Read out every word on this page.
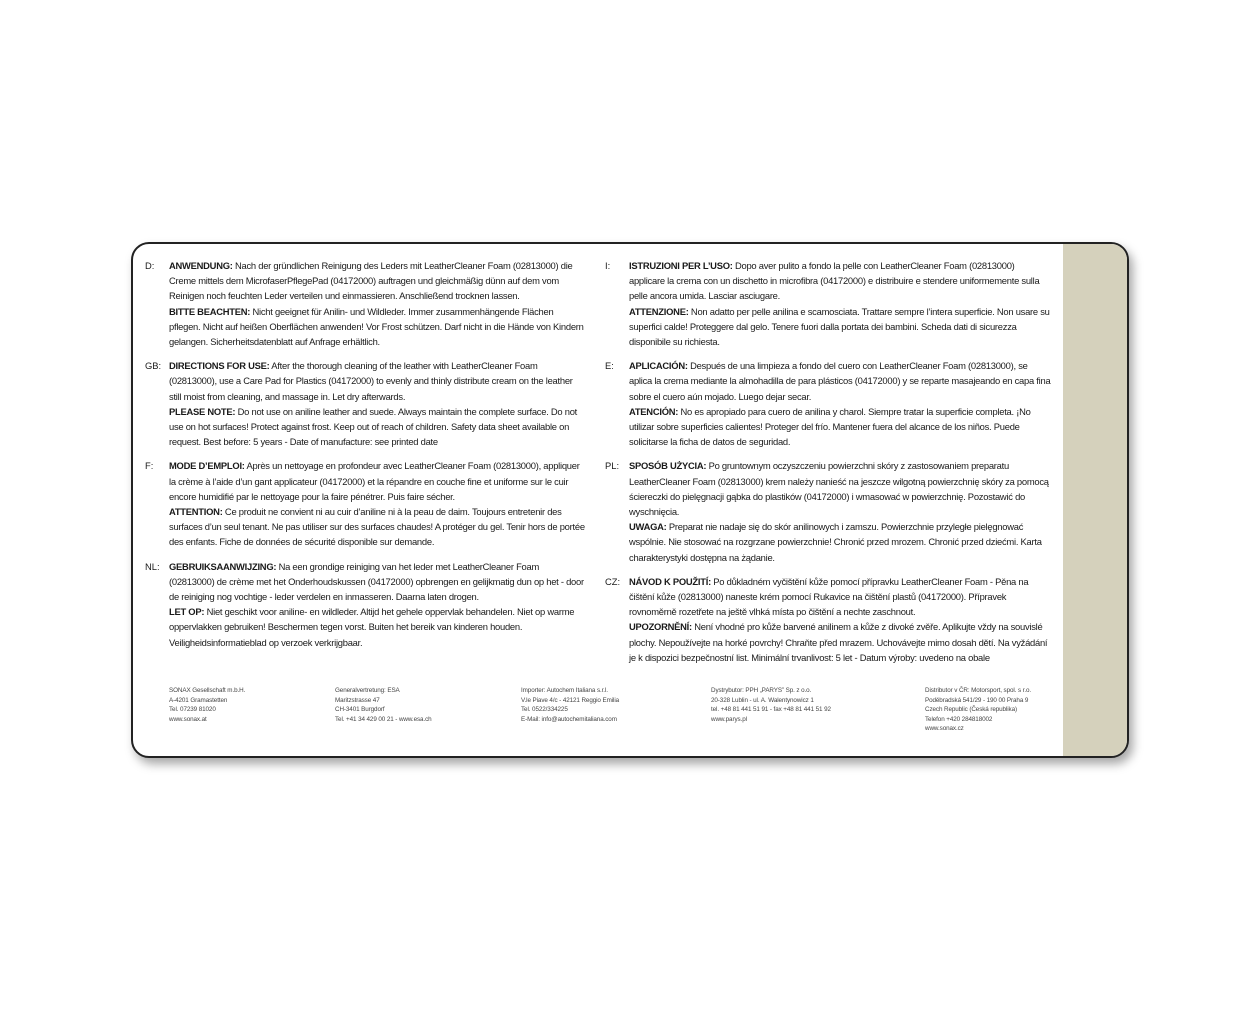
D:	ANWENDUNG: Nach der gründlichen Reinigung des Leders mit LeatherCleaner Foam (02813000) die Creme mittels dem MicrofaserPflegePad (04172000) auftragen und gleichmäßig dünn auf dem vom Reinigen noch feuchten Leder verteilen und einmassieren. Anschließend trocknen lassen.

BITTE BEACHTEN: Nicht geeignet für Anilin- und Wildleder. Immer zusammenhängende Flächen pflegen. Nicht auf heißen Oberflächen anwenden! Vor Frost schützen. Darf nicht in die Hände von Kindern gelangen. Sicherheitsdatenblatt auf Anfrage erhältlich.

GB: DIRECTIONS FOR USE: After the thorough cleaning of the leather with LeatherCleaner Foam (02813000), use a Care Pad for Plastics (04172000) to evenly and thinly distribute cream on the leather still moist from cleaning, and massage in. Let dry afterwards.

PLEASE NOTE: Do not use on aniline leather and suede. Always maintain the complete surface. Do not use on hot surfaces! Protect against frost. Keep out of reach of children. Safety data sheet available on request. Best before: 5 years - Date of manufacture: see printed date

F:	MODE D’EMPLOI: Après un nettoyage en profondeur avec LeatherCleaner Foam (02813000), appliquer la crème à l’aide d’un gant applicateur (04172000) et la répandre en couche fine et uniforme sur le cuir encore humidifié par le nettoyage pour la faire pénétrer. Puis faire sécher.

ATTENTION: Ce produit ne convient ni au cuir d’aniline ni à la peau de daim. Toujours entretenir des surfaces d’un seul tenant. Ne pas utiliser sur des surfaces chaudes! A protéger du gel. Tenir hors de portée des enfants. Fiche de données de sécurité disponible sur demande.

NL:	GEBRUIKSAANWIJZING: Na een grondige reiniging van het leder met LeatherCleaner Foam (02813000) de crème met het Onderhoudskussen (04172000) opbrengen en gelijkmatig dun op het - door de reiniging nog vochtige - leder verdelen en inmasseren. Daarna laten drogen.

LET OP: Niet geschikt voor aniline- en wildleder. Altijd het gehele oppervlak behandelen. Niet op warme oppervlakken gebruiken! Beschermen tegen vorst. Buiten het bereik van kinderen houden. Veiligheidsinformatieblad op verzoek verkrijgbaar.

I:	ISTRUZIONI PER L’USO: Dopo aver pulito a fondo la pelle con LeatherCleaner Foam (02813000) applicare la crema con un dischetto in microfibra (04172000) e distribuire e stendere uniformemente sulla pelle ancora umida. Lasciar asciugare.

ATTENZIONE: Non adatto per pelle anilina e scamosciata. Trattare sempre l’intera superficie. Non usare su superfici calde! Proteggere dal gelo. Tenere fuori dalla portata dei bambini. Scheda dati di sicurezza disponibile su richiesta.

E:	APLICACIÓN: Después de una limpieza a fondo del cuero con LeatherCleaner Foam (02813000), se aplica la crema mediante la almohadilla de para plásticos (04172000) y se reparte masajeando en capa fina sobre el cuero aún mojado. Luego dejar secar.

ATENCIÓN: No es apropiado para cuero de anilina y charol. Siempre tratar la superficie completa. ¡No utilizar sobre superficies calientes! Proteger del frío. Mantener fuera del alcance de los niños. Puede solicitarse la ficha de datos de seguridad.

PL:	SPOSÓB UŻYCIA: Po gruntownym oczyszczeniu powierzchni skóry z zastosowaniem preparatu LeatherCleaner Foam (02813000) krem należy nanieść na jeszcze wilgotną powierzchnię skóry za pomocą ściereczki do pielęgnacji gąbka do plastików (04172000) i wmasować w powierzchnię. Pozostawić do wyschnięcia.

UWAGA: Preparat nie nadaje się do skór anilinowych i zamszu. Powierzchnie przyległe pielęgnować wspólnie. Nie stosować na rozgrzane powierzchnie! Chronić przed mrozem. Chronić przed dziećmi. Karta charakterystyki dostępna na żądanie.

CZ: NÁVOD K POUŽITÍ: Po důkladném vyčištění kůže pomocí přípravku LeatherCleaner Foam - Pěna na čištění kůže (02813000) naneste krém pomocí Rukavice na čištění plastů (04172000). Přípravek rovnoměrně rozetřete na ještě vlhká místa po čištění a nechte zaschnout.

UPOZORNĚNÍ: Není vhodné pro kůže barvené anilinem a kůže z divoké zvěře. Aplikujte vždy na souvislé plochy. Nepoužívejte na horké povrchy! Chraňte před mrazem. Uchovávejte mimo dosah dětí. Na vyžádání je k dispozici bezpečnostní list. Minimální trvanlivost: 5 let - Datum výroby: uvedeno na obale

SONAX Gesellschaft m.b.H.
A-4201 Gramastetten
Tel. 07239 81020
www.sonax.at
Generalvertretung: ESA
Maritzstrasse 47
CH-3401 Burgdorf
Tel. +41 34 429 00 21 - www.esa.ch
Importer: Autochem Italiana s.r.l.
V.le Piave 4/c - 42121 Reggio Emilia
Tel. 0522/334225
E-Mail: info@autochemitaliana.com
Dystrybutor: PPH „PARYS” Sp. z o.o.
20-328 Lublin - ul. A. Walentynowicz 1
tel. +48 81 441 51 91 - fax +48 81 441 51 92
www.parys.pl
Distributor v ČR: Motorsport, spol. s r.o.
Poděbradská 541/29 - 190 00 Praha 9
Czech Republic (Česká republika)
Telefon +420 284818002
www.sonax.cz
